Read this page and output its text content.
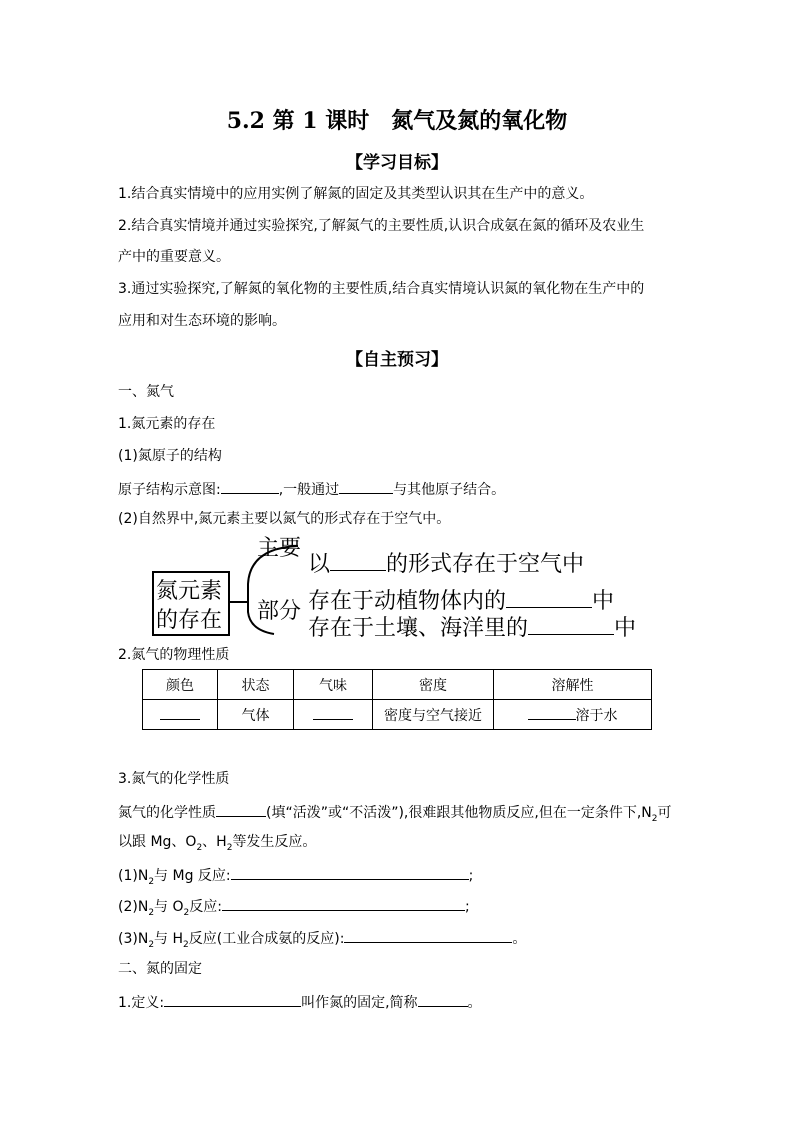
5.2 第 1 课时　氮气及氮的氧化物
【学习目标】
1.结合真实情境中的应用实例了解氮的固定及其类型认识其在生产中的意义。
2.结合真实情境并通过实验探究,了解氮气的主要性质,认识合成氨在氮的循环及农业生
产中的重要意义。
3.通过实验探究,了解氮的氧化物的主要性质,结合真实情境认识氮的氧化物在生产中的
应用和对生态环境的影响。
【自主预习】
一、氮气
1.氮元素的存在
(1)氮原子的结构
原子结构示意图:	,一般通过	与其他原子结合。
(2)自然界中,氮元素主要以氮气的形式存在于空气中。
氮元素
的存在
主要
部分
以	的形式存在于空气中
存在于动植物体内的	中
存在于土壤、海洋里的	中
2.氮气的物理性质
颜色	状态	气味	密度	溶解性
	气体		密度与空气接近	溶于水
3.氮气的化学性质
氮气的化学性质	(填“活泼”或“不活泼”),很难跟其他物质反应,但在一定条件下$,N_2$可
以跟 Mg、$O_2$、$H_2$等发生反应。
$(1)N_2$与 Mg 反应:	;
$(2)N_2$与 $O_2$反应:	;
$(3)N_2$与 $H_2$反应(工业合成氨的反应):	。
二、氮的固定
1.定义:	叫作氮的固定,简称	。
